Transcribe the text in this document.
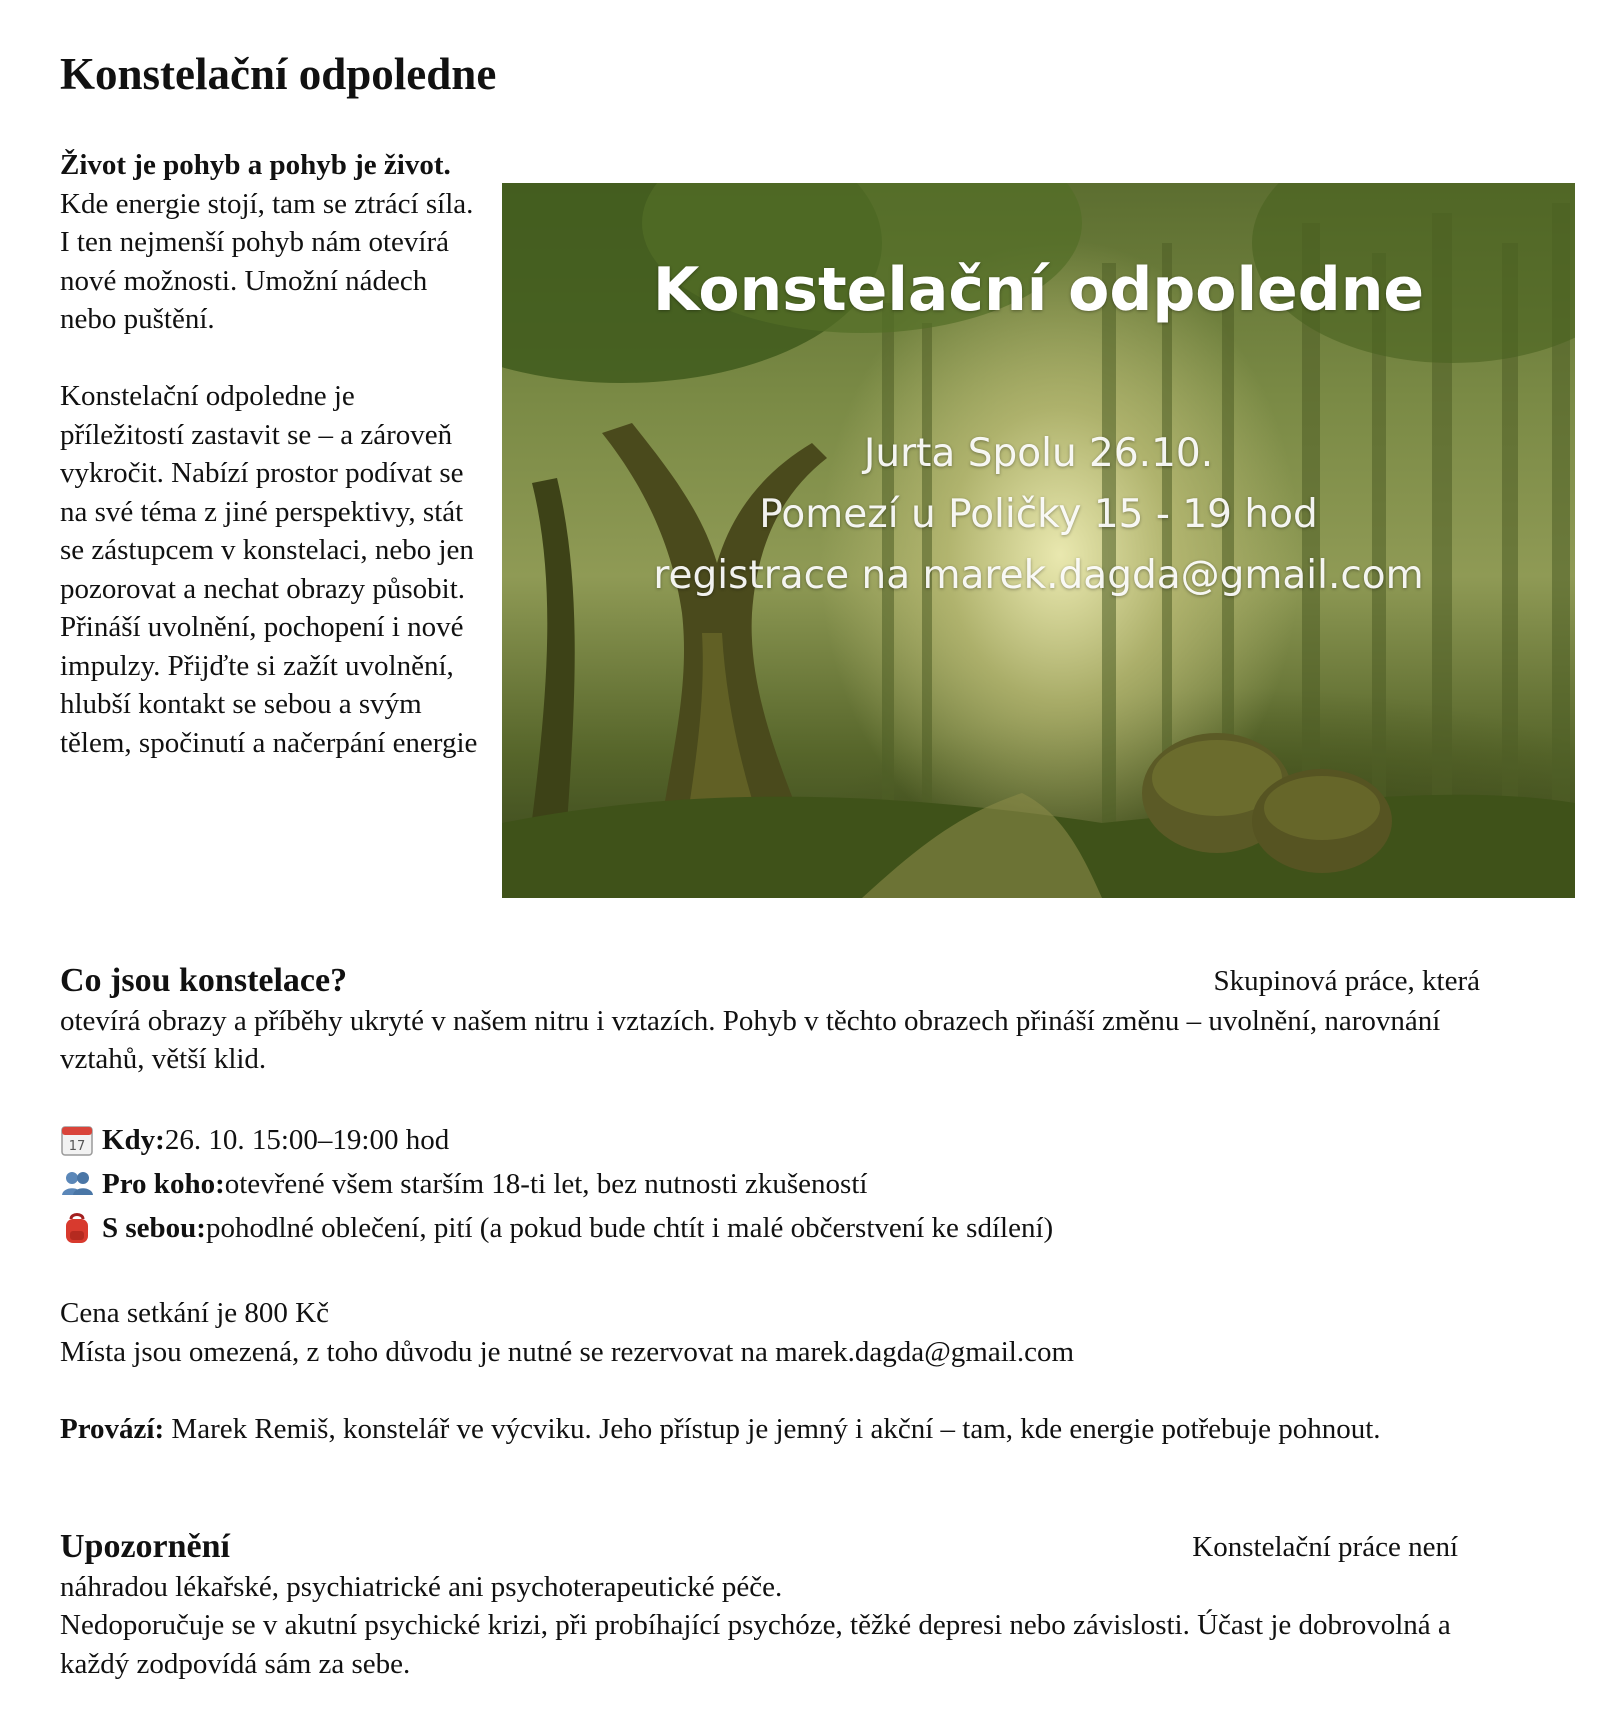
Konstelační odpoledne

Život je pohyb a pohyb je život. Kde energie stojí, tam se ztrácí síla. I ten nejmenší pohyb nám otevírá nové možnosti. Umožní nádech nebo puštění.

Konstelační odpoledne je příležitostí zastavit se – a zároveň vykročit. Nabízí prostor podívat se na své téma z jiné perspektivy, stát se zástupcem v konstelaci, nebo jen pozorovat a nechat obrazy působit. Přináší uvolnění, pochopení i nové impulzy. Přijďte si zažít uvolnění, hlubší kontakt se sebou a svým tělem, spočinutí a načerpání energie

Konstelační odpoledne

Jurta Spolu 26.10.

Pomezí u Poličky 15 - 19 hod

registrace na marek.dagda@gmail.com

Skupinová práce, která
Co jsou konstelace?
otevírá obrazy a příběhy ukryté v našem nitru i vztazích. Pohyb v těchto obrazech přináší změnu – uvolnění, narovnání vztahů, větší klid.
17 Kdy: 26. 10. 15:00–19:00 hod
Pro koho: otevřené všem starším 18-ti let, bez nutnosti zkušeností
S sebou: pohodlné oblečení, pití (a pokud bude chtít i malé občerstvení ke sdílení)
Cena setkání je 800 Kč
Místa jsou omezená, z toho důvodu je nutné se rezervovat na marek.dagda@gmail.com
Provází: Marek Remiš, konstelář ve výcviku. Jeho přístup je jemný i akční – tam, kde energie potřebuje pohnout.
Konstelační práce není
Upozornění
náhradou lékařské, psychiatrické ani psychoterapeutické péče.
Nedoporučuje se v akutní psychické krizi, při probíhající psychóze, těžké depresi nebo závislosti. Účast je dobrovolná a každý zodpovídá sám za sebe.
